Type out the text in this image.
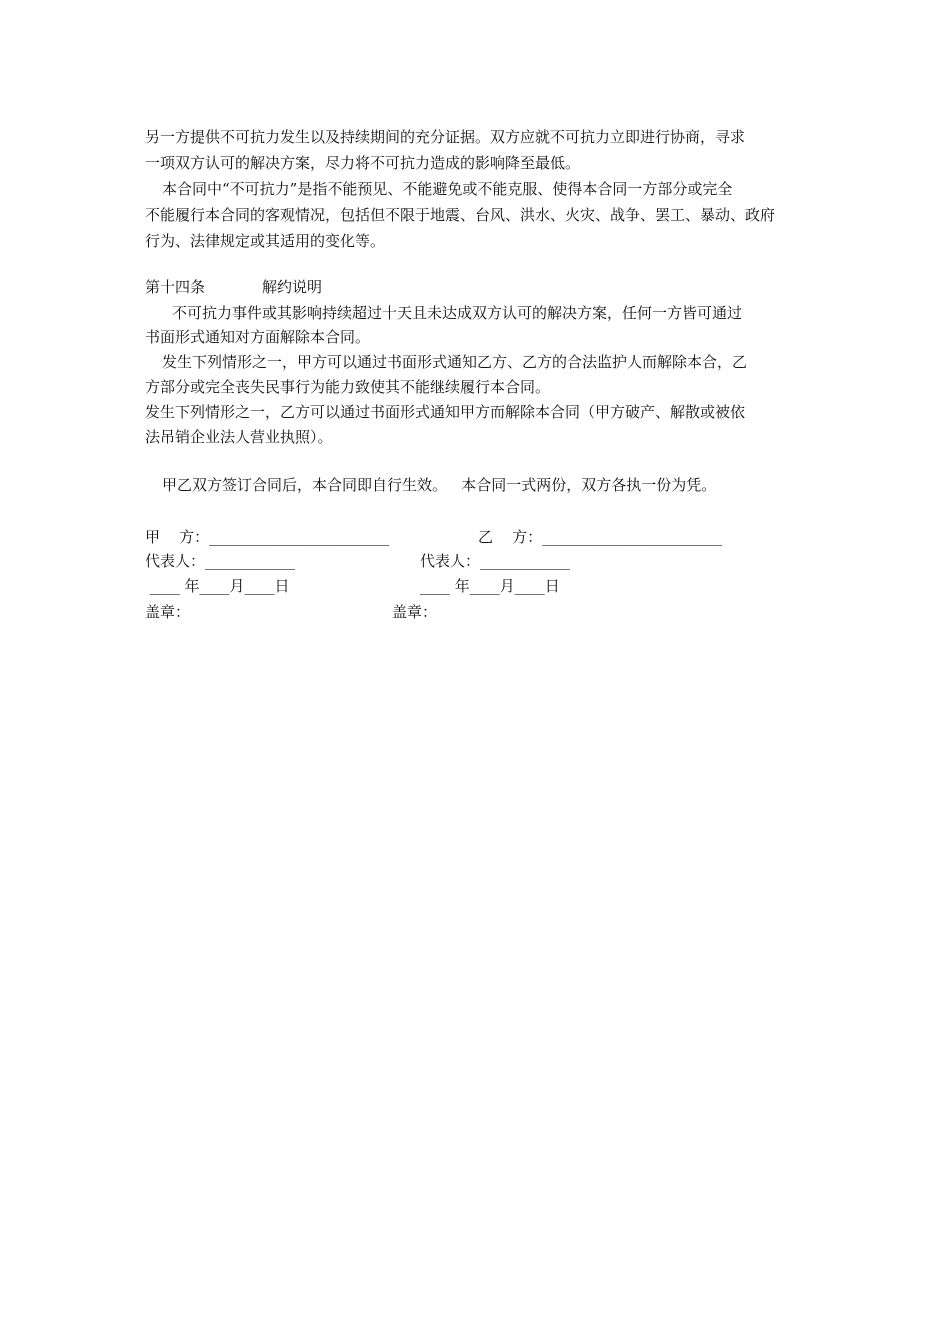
另一方提供不可抗力发生以及持续期间的充分证据。双方应就不可抗力立即进行协商，寻求
一项双方认可的解决方案，尽力将不可抗力造成的影响降至最低。
本合同中“不可抗力”是指不能预见、不能避免或不能克服、使得本合同一方部分或完全
不能履行本合同的客观情况，包括但不限于地震、台风、洪水、火灾、战争、罢工、暴动、政府
行为、法律规定或其适用的变化等。
第十四条	解约说明
不可抗力事件或其影响持续超过十天且未达成双方认可的解决方案，任何一方皆可通过
书面形式通知对方面解除本合同。
发生下列情形之一，甲方可以通过书面形式通知乙方、乙方的合法监护人而解除本合，乙
方部分或完全丧失民事行为能力致使其不能继续履行本合同。
发生下列情形之一，乙方可以通过书面形式通知甲方而解除本合同（甲方破产、解散或被依
法吊销企业法人营业执照）。
甲乙双方签订合同后，本合同即自行生效。   本合同一式两份，双方各执一份为凭。
甲    方：________________________	乙    方：________________________
代表人：____________	代表人：____________
____ 年____月____日	____ 年____月____日
盖章：	盖章：
